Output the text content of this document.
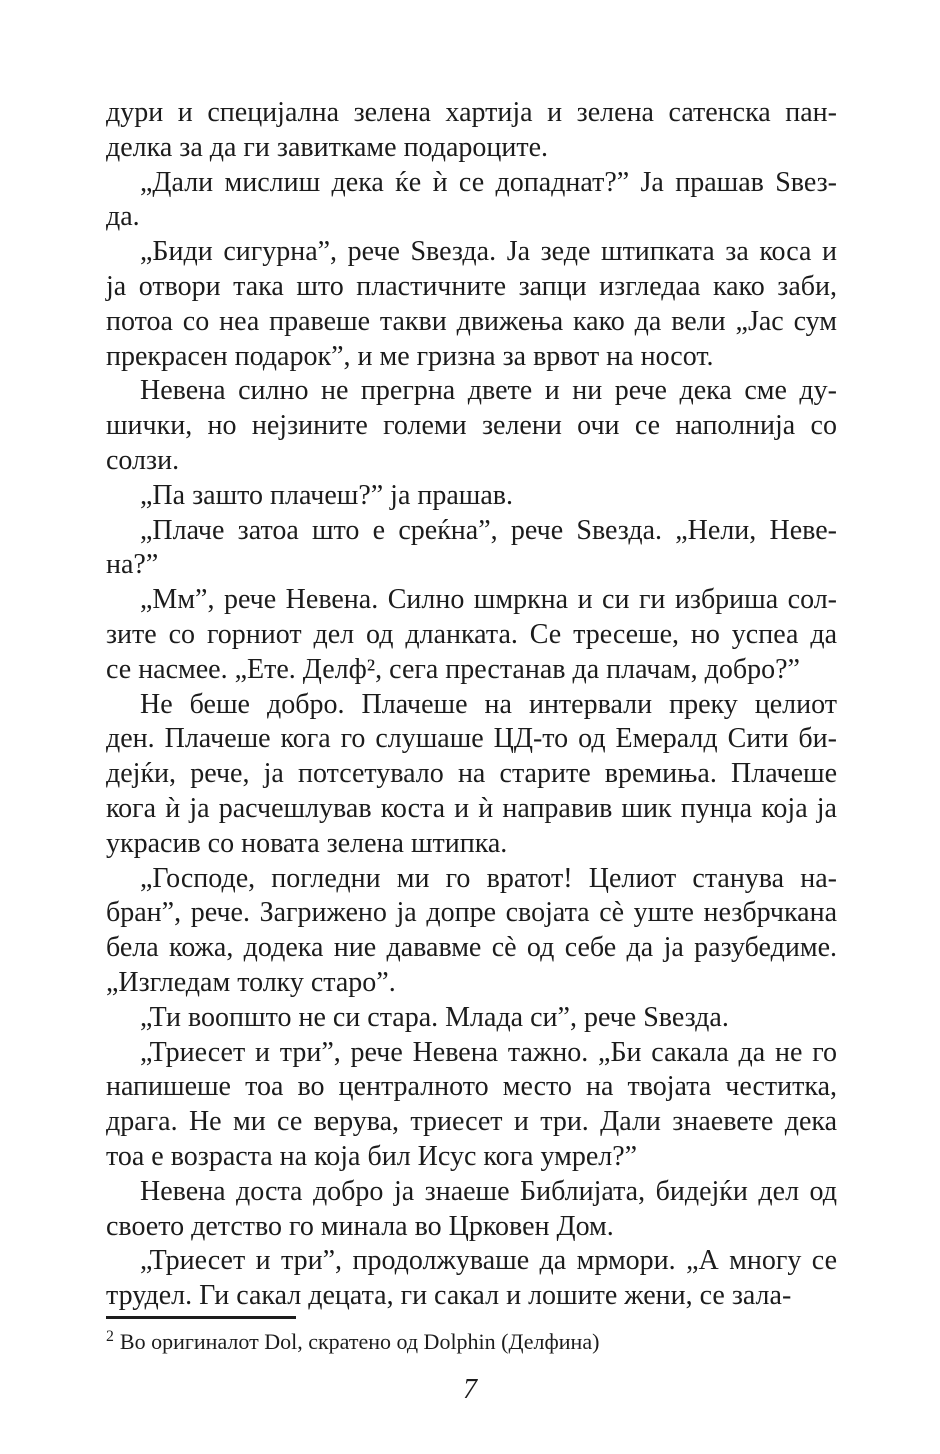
дури и специјална зелена хартија и зелена сатенска пан-
делка за да ги завиткаме подароците.
„Дали мислиш дека ќе ѝ се допаднат?” Ја прашав Ѕвез-
да.
„Биди сигурна”, рече Ѕвезда. Ја зеде штипката за коса и
ја отвори така што пластичните запци изгледаа како заби,
потоа со неа правеше такви движења како да вели „Јас сум
прекрасен подарок”, и ме гризна за врвот на носот.
Невена силно не прегрна двете и ни рече дека сме ду-
шички, но нејзините големи зелени очи се наполнија со
солзи.
„Па зашто плачеш?” ја прашав.
„Плаче затоа што е среќна”, рече Ѕвезда. „Нели, Неве-
на?”
„Мм”, рече Невена. Силно шмркна и си ги избриша сол-
зите со горниот дел од дланката. Се тресеше, но успеа да
се насмее. „Ете. Делф², сега престанав да плачам, добро?”
Не беше добро. Плачеше на интервали преку целиот
ден. Плачеше кога го слушаше ЦД-то од Емералд Сити би-
дејќи, рече, ја потсетувало на старите времиња. Плачеше
кога ѝ ја расчешлував коста и ѝ направив шик пунџа која ја
украсив со новата зелена штипка.
„Господе, погледни ми го вратот! Целиот станува на-
бран”, рече. Загрижено ја допре својата сѐ уште незбрчкана
бела кожа, додека ние дававме сѐ од себе да ја разубедиме.
„Изгледам толку старо”.
„Ти воопшто не си стара. Млада си”, рече Ѕвезда.
„Триесет и три”, рече Невена тажно. „Би сакала да не го
напишеше тоа во централното место на твојата честитка,
драга. Не ми се верува, триесет и три. Дали знаевете дека
тоа е возраста на која бил Исус кога умрел?”
Невена доста добро ја знаеше Библијата, бидејќи дел од
своето детство го минала во Црковен Дом.
„Триесет и три”, продолжуваше да мрмори. „А многу се
трудел. Ги сакал децата, ги сакал и лошите жени, се зала-
$^2$ Во оригиналот Dol, скратено од Dolphin (Делфина)
7
